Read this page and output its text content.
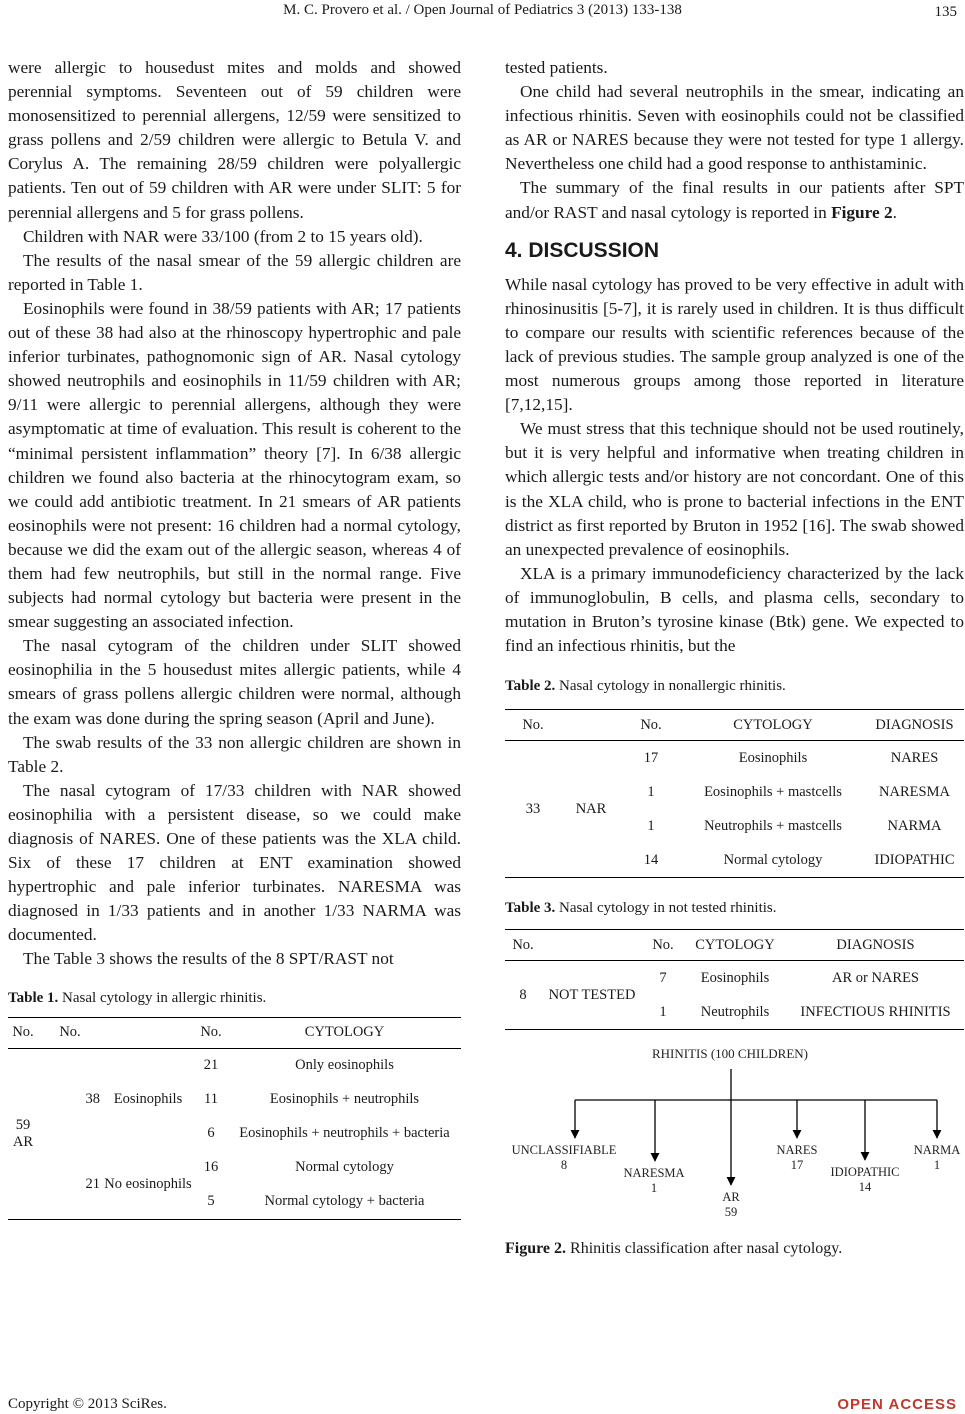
M. C. Provero et al. / Open Journal of Pediatrics 3 (2013) 133-138	135

were allergic to housedust mites and molds and showed perennial symptoms. Seventeen out of 59 children were monosensitized to perennial allergens, 12/59 were sensitized to grass pollens and 2/59 children were allergic to Betula V. and Corylus A. The remaining 28/59 children were polyallergic patients. Ten out of 59 children with AR were under SLIT: 5 for perennial allergens and 5 for grass pollens.

Children with NAR were 33/100 (from 2 to 15 years old).

The results of the nasal smear of the 59 allergic children are reported in Table 1.

Eosinophils were found in 38/59 patients with AR; 17 patients out of these 38 had also at the rhinoscopy hypertrophic and pale inferior turbinates, pathognomonic sign of AR. Nasal cytology showed neutrophils and eosinophils in 11/59 children with AR; 9/11 were allergic to perennial allergens, although they were asymptomatic at time of evaluation. This result is coherent to the “minimal persistent inflammation” theory [7]. In 6/38 allergic children we found also bacteria at the rhinocytogram exam, so we could add antibiotic treatment. In 21 smears of AR patients eosinophils were not present: 16 children had a normal cytology, because we did the exam out of the allergic season, whereas 4 of them had few neutrophils, but still in the normal range. Five subjects had normal cytology but bacteria were present in the smear suggesting an associated infection.

The nasal cytogram of the children under SLIT showed eosinophilia in the 5 housedust mites allergic patients, while 4 smears of grass pollens allergic children were normal, although the exam was done during the spring season (April and June).

The swab results of the 33 non allergic children are shown in Table 2.

The nasal cytogram of 17/33 children with NAR showed eosinophilia with a persistent disease, so we could make diagnosis of NARES. One of these patients was the XLA child. Six of these 17 children at ENT examination showed hypertrophic and pale inferior turbinates. NARESMA was diagnosed in 1/33 patients and in another 1/33 NARMA was documented.

The Table 3 shows the results of the 8 SPT/RAST not

Table 1. Nasal cytology in allergic rhinitis.
No.	No.		No.	CYTOLOGY
59 AR	38	Eosinophils	21	Only eosinophils
			11	Eosinophils + neutrophils
			6	Eosinophils + neutrophils + bacteria
	21	No eosinophils	16	Normal cytology
			5	Normal cytology + bacteria

tested patients.

One child had several neutrophils in the smear, indicating an infectious rhinitis. Seven with eosinophils could not be classified as AR or NARES because they were not tested for type 1 allergy. Nevertheless one child had a good response to anthistaminic.

The summary of the final results in our patients after SPT and/or RAST and nasal cytology is reported in Figure 2.

4. DISCUSSION

While nasal cytology has proved to be very effective in adult with rhinosinusitis [5-7], it is rarely used in children. It is thus difficult to compare our results with scientific references because of the lack of previous studies. The sample group analyzed is one of the most numerous groups among those reported in literature [7,12,15].

We must stress that this technique should not be used routinely, but it is very helpful and informative when treating children in which allergic tests and/or history are not concordant. One of this is the XLA child, who is prone to bacterial infections in the ENT district as first reported by Bruton in 1952 [16]. The swab showed an unexpected prevalence of eosinophils.

XLA is a primary immunodeficiency characterized by the lack of immunoglobulin, B cells, and plasma cells, secondary to mutation in Bruton’s tyrosine kinase (Btk) gene. We expected to find an infectious rhinitis, but the

Table 2. Nasal cytology in nonallergic rhinitis.
No.		No.	CYTOLOGY	DIAGNOSIS
33	NAR	17	Eosinophils	NARES
		1	Eosinophils + mastcells	NARESMA
		1	Neutrophils + mastcells	NARMA
		14	Normal cytology	IDIOPATHIC
Table 3. Nasal cytology in not tested rhinitis.
No.		No.	CYTOLOGY	DIAGNOSIS
8	NOT TESTED	7	Eosinophils	AR or NARES
		1	Neutrophils	INFECTIOUS RHINITIS
RHINITIS (100 CHILDREN)
UNCLASSIFIABLE
8
NARESMA
1
AR
59
NARES
17 IDIOPATHIC
14
NARMA
1
Figure 2. Rhinitis classification after nasal cytology.
Copyright © 2013 SciRes.	OPEN ACCESS
